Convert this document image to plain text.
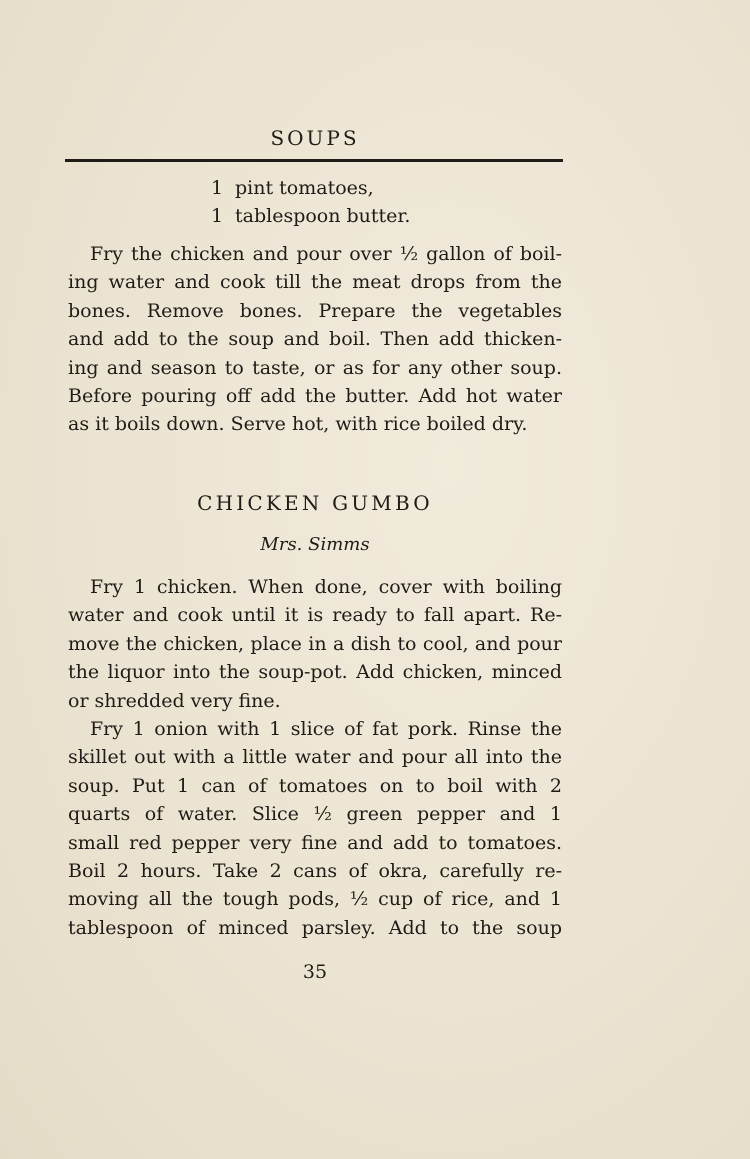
SOUPS
1 pint tomatoes,
1 tablespoon butter.
Fry the chicken and pour over ½ gallon of boil-
ing water and cook till the meat drops from the
bones. Remove bones. Prepare the vegetables
and add to the soup and boil. Then add thicken-
ing and season to taste, or as for any other soup.
Before pouring off add the butter. Add hot water
as it boils down. Serve hot, with rice boiled dry.
CHICKEN GUMBO
Mrs. Simms
Fry 1 chicken. When done, cover with boiling
water and cook until it is ready to fall apart. Re-
move the chicken, place in a dish to cool, and pour
the liquor into the soup-pot. Add chicken, minced
or shredded very fine.
Fry 1 onion with 1 slice of fat pork. Rinse the
skillet out with a little water and pour all into the
soup. Put 1 can of tomatoes on to boil with 2
quarts of water. Slice ½ green pepper and 1
small red pepper very fine and add to tomatoes.
Boil 2 hours. Take 2 cans of okra, carefully re-
moving all the tough pods, ½ cup of rice, and 1
tablespoon of minced parsley. Add to the soup
35
